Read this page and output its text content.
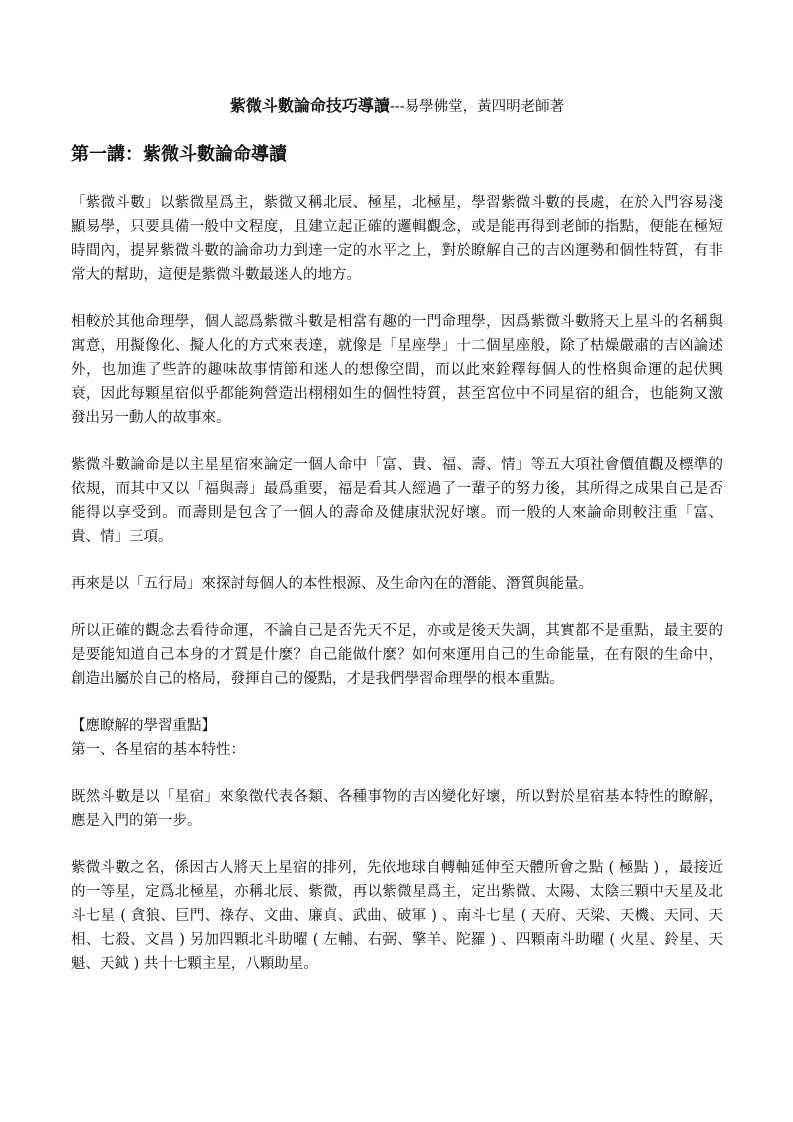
紫微斗數論命技巧導讀---易學佛堂，黃四明老師著
第一講：紫微斗數論命導讀

「紫微斗數」以紫微星爲主，紫微又稱北辰、極星，北極星，學習紫微斗數的長處，在於入門容易淺顯易學，只要具備一般中文程度，且建立起正確的邏輯觀念，或是能再得到老師的指點，便能在極短時間內，提昇紫微斗數的論命功力到達一定的水平之上，對於瞭解自己的吉凶運勢和個性特質，有非常大的幫助，這便是紫微斗數最迷人的地方。

相較於其他命理學，個人認爲紫微斗數是相當有趣的一門命理學，因爲紫微斗數將天上星斗的名稱與寓意，用擬像化、擬人化的方式來表達，就像是「星座學」十二個星座般，除了枯燥嚴肅的吉凶論述外，也加進了些許的趣味故事情節和迷人的想像空間，而以此來銓釋每個人的性格與命運的起伏興衰，因此每顆星宿似乎都能夠營造出栩栩如生的個性特質，甚至宮位中不同星宿的組合，也能夠又激發出另一動人的故事來。

紫微斗數論命是以主星星宿來論定一個人命中「富、貴、福、壽、情」等五大項社會價值觀及標準的依規，而其中又以「福與壽」最爲重要，福是看其人經過了一輩子的努力後，其所得之成果自己是否能得以享受到。而壽則是包含了一個人的壽命及健康狀況好壞。而一般的人來論命則較注重「富、貴、情」三項。

再來是以「五行局」來探討每個人的本性根源、及生命內在的潛能、潛質與能量。

所以正確的觀念去看待命運，不論自己是否先天不足，亦或是後天失調，其實都不是重點，最主要的是要能知道自己本身的才質是什麼？自己能做什麼？如何來運用自己的生命能量，在有限的生命中，創造出屬於自己的格局，發揮自己的優點，才是我們學習命理學的根本重點。

【應瞭解的學習重點】
第一、各星宿的基本特性：

既然斗數是以「星宿」來象徵代表各類、各種事物的吉凶變化好壞，所以對於星宿基本特性的瞭解，應是入門的第一步。

紫微斗數之名，係因古人將天上星宿的排列，先依地球自轉軸延伸至天體所會之點 ( 極點 ) ，最接近的一等星，定爲北極星，亦稱北辰、紫微，再以紫微星爲主，定出紫微、太陽、太陰三顆中天星及北斗七星 ( 貪狼、巨門、祿存、文曲、廉貞、武曲、破軍 ) 、南斗七星 ( 天府、天梁、天機、天同、天相、七殺、文昌 ) 另加四顆北斗助曜 ( 左輔、右弼、擎羊、陀羅 ) 、四顆南斗助曜 ( 火星、鈴星、天魁、天鉞 ) 共十七顆主星，八顆助星。
